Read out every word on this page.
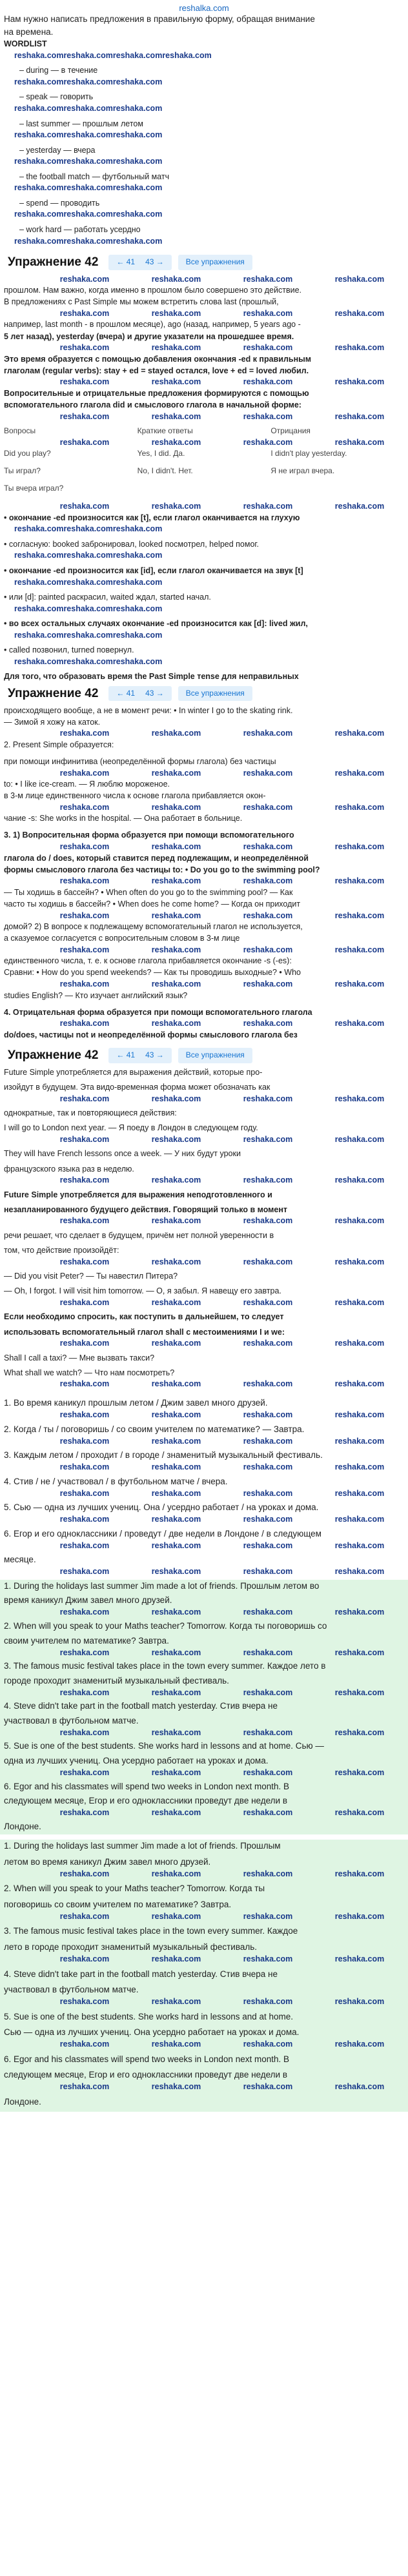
reshalka.com
Нам нужно написать предложения в правильную форму, обращая внимание
на времена.
WORDLIST
reshaka.com reshaka.com reshaka.com reshaka.com
– during — в течение
reshaka.com reshaka.com reshaka.com
– speak — говорить
reshaka.com reshaka.com reshaka.com
– last summer — прошлым летом
reshaka.com reshaka.com reshaka.com
– yesterday — вчера
reshaka.com reshaka.com reshaka.com
– the football match — футбольный матч
reshaka.com reshaka.com reshaka.com
– spend — проводить
reshaka.com reshaka.com reshaka.com
– work hard — работать усердно
reshaka.com reshaka.com reshaka.com
Упражнение 42	← 41 43 →	Все упражнения
reshaka.com	reshaka.com	reshaka.com	reshaka.com
прошлом. Нам важно, когда именно в прошлом было совершено это действие.
В предложениях с Past Simple мы можем встретить слова last (прошлый,
reshaka.com	reshaka.com	reshaka.com	reshaka.com
например, last month - в прошлом месяце), ago (назад, например, 5 years ago -
5 лет назад), yesterday (вчера) и другие указатели на прошедшее время.
reshaka.com	reshaka.com	reshaka.com	reshaka.com
Это время образуется с помощью добавления окончания -ed к правильным
глаголам (regular verbs): stay + ed = stayed остался, love + ed = loved любил.
reshaka.com	reshaka.com	reshaka.com	reshaka.com
Вопросительные и отрицательные предложения формируются с помощью
вспомогательного глагола did и смыслового глагола в начальной форме:
reshaka.com	reshaka.com	reshaka.com	reshaka.com
Вопросы	Краткие ответы	Отрицания
reshaka.com	reshaka.com	reshaka.com	reshaka.com
Did you play?	Yes, I did. Да.	I didn't play yesterday.
Ты играл?	No, I didn't. Нет.	Я не играл вчера.
Ты вчера играл?
reshaka.com	reshaka.com	reshaka.com	reshaka.com
• окончание -ed произносится как [t], если глагол оканчивается на глухую
reshaka.com reshaka.com reshaka.com
• согласную: booked забронировал, looked посмотрел, helped помог.
reshaka.com reshaka.com reshaka.com
• окончание -ed произносится как [id], если глагол оканчивается на звук [t]
reshaka.com reshaka.com reshaka.com
• или [d]: painted раскрасил, waited ждал, started начал.
reshaka.com reshaka.com reshaka.com
• во всех остальных случаях окончание -ed произносится как [d]: lived жил,
reshaka.com reshaka.com reshaka.com
• called позвонил, turned повернул.
reshaka.com reshaka.com reshaka.com
Для того, что образовать время the Past Simple тense для неправильных
Упражнение 42	← 41 43 →	Все упражнения
происходящего вообще, а не в момент речи: • In winter I go to the skating rink.
— Зимой я хожу на каток.
reshaka.com	reshaka.com	reshaka.com	reshaka.com
2. Present Simple образуется:
при помощи инфинитива (неопределённой формы глагола) без частицы
reshaka.com	reshaka.com	reshaka.com	reshaka.com
to: • I like ice-cream. — Я люблю мороженое.
в 3-м лице единственного числа к основе глагола прибавляется окон-
reshaka.com	reshaka.com	reshaka.com	reshaka.com
чание -s: She works in the hospital. — Она работает в больнице.
3. 1) Вопросительная форма образуется при помощи вспомогательного
reshaka.com	reshaka.com	reshaka.com	reshaka.com
глагола do / does, который ставится перед подлежащим, и неопределённой
формы смыслового глагола без частицы to: • Do you go to the swimming pool?
reshaka.com	reshaka.com	reshaka.com	reshaka.com
— Ты ходишь в бассейн? • When often do you go to the swimming pool? — Как
часто ты ходишь в бассейн? • When does he come home? — Когда он приходит
reshaka.com	reshaka.com	reshaka.com	reshaka.com
домой? 2) В вопросе к подлежащему вспомогательный глагол не используется,
а сказуемое согласуется с вопросительным словом в 3-м лице
reshaka.com	reshaka.com	reshaka.com	reshaka.com
единственного числа, т. е. к основе глагола прибавляется окончание -s (-es):
Сравни: • How do you spend weekends? — Как ты проводишь выходные? • Who
reshaka.com	reshaka.com	reshaka.com	reshaka.com
studies English? — Кто изучает английский язык?
4. Отрицательная форма образуется при помощи вспомогательного глагола
reshaka.com	reshaka.com	reshaka.com	reshaka.com
do/does, частицы not и неопределённой формы смыслового глагола без
Упражнение 42	← 41 43 →	Все упражнения
Future Simple употребляется для выражения действий, которые про-
изойдут в будущем. Эта видо-временная форма может обозначать как
reshaka.com	reshaka.com	reshaka.com	reshaka.com
однократные, так и повторяющиеся действия:
I will go to London next year. — Я поеду в Лондон в следующем году.
reshaka.com	reshaka.com	reshaka.com	reshaka.com
They will have French lessons once a week. — У них будут уроки
французского языка раз в неделю.
reshaka.com	reshaka.com	reshaka.com	reshaka.com
Future Simple употребляется для выражения неподготовленного и
незапланированного будущего действия. Говорящий только в момент
reshaka.com	reshaka.com	reshaka.com	reshaka.com
речи решает, что сделает в будущем, причём нет полной уверенности в
том, что действие произойдёт:
reshaka.com	reshaka.com	reshaka.com	reshaka.com
— Did you visit Peter? — Ты навестил Питера?
— Oh, I forgot. I will visit him tomorrow. — О, я забыл. Я навещу его завтра.
reshaka.com	reshaka.com	reshaka.com	reshaka.com
Если необходимо спросить, как поступить в дальнейшем, то следует
использовать вспомогательный глагол shall с местоимениями I и we:
reshaka.com	reshaka.com	reshaka.com	reshaka.com
Shall I call a taxi? — Мне вызвать такси?
What shall we watch? — Что нам посмотреть?
reshaka.com	reshaka.com	reshaka.com	reshaka.com
1. Во время каникул прошлым летом / Джим завел много друзей.
reshaka.com	reshaka.com	reshaka.com	reshaka.com
2. Когда / ты / поговоришь / со своим учителем по математике? — Завтра.
reshaka.com	reshaka.com	reshaka.com	reshaka.com
3. Каждым летом / проходит / в городе / знаменитый музыкальный фестиваль.
reshaka.com	reshaka.com	reshaka.com	reshaka.com
4. Стив / не / участвовал / в футбольном матче / вчера.
reshaka.com	reshaka.com	reshaka.com	reshaka.com
5. Сью — одна из лучших учениц. Она / усердно работает / на уроках и дома.
reshaka.com	reshaka.com	reshaka.com	reshaka.com
6. Егор и его одноклассники / проведут / две недели в Лондоне / в следующем
reshaka.com	reshaka.com	reshaka.com	reshaka.com
месяце.
reshaka.com	reshaka.com	reshaka.com	reshaka.com
1. During the holidays last summer Jim made a lot of friends. Прошлым летом во
время каникул Джим завел много друзей.
reshaka.com	reshaka.com	reshaka.com	reshaka.com
2. When will you speak to your Maths teacher? Tomorrow. Когда ты поговоришь со
своим учителем по математике? Завтра.
reshaka.com	reshaka.com	reshaka.com	reshaka.com
3. The famous music festival takes place in the town every summer. Каждое лето в
городе проходит знаменитый музыкальный фестиваль.
reshaka.com	reshaka.com	reshaka.com	reshaka.com
4. Steve didn't take part in the football match yesterday. Стив вчера не
участвовал в футбольном матче.
reshaka.com	reshaka.com	reshaka.com	reshaka.com
5. Sue is one of the best students. She works hard in lessons and at home. Сью —
одна из лучших учениц. Она усердно работает на уроках и дома.
reshaka.com	reshaka.com	reshaka.com	reshaka.com
6. Egor and his classmates will spend two weeks in London next month. В
следующем месяце, Егор и его одноклассники проведут две недели в
reshaka.com	reshaka.com	reshaka.com	reshaka.com
Лондоне.
1. During the holidays last summer Jim made a lot of friends. Прошлым
летом во время каникул Джим завел много друзей.
reshaka.com	reshaka.com	reshaka.com	reshaka.com
2. When will you speak to your Maths teacher? Tomorrow. Когда ты
поговоришь со своим учителем по математике? Завтра.
reshaka.com	reshaka.com	reshaka.com	reshaka.com
3. The famous music festival takes place in the town every summer. Каждое
лето в городе проходит знаменитый музыкальный фестиваль.
reshaka.com	reshaka.com	reshaka.com	reshaka.com
4. Steve didn't take part in the football match yesterday. Стив вчера не
участвовал в футбольном матче.
reshaka.com	reshaka.com	reshaka.com	reshaka.com
5. Sue is one of the best students. She works hard in lessons and at home.
Сью — одна из лучших учениц. Она усердно работает на уроках и дома.
reshaka.com	reshaka.com	reshaka.com	reshaka.com
6. Egor and his classmates will spend two weeks in London next month. В
следующем месяце, Егор и его одноклассники проведут две недели в
reshaka.com	reshaka.com	reshaka.com	reshaka.com
Лондоне.
